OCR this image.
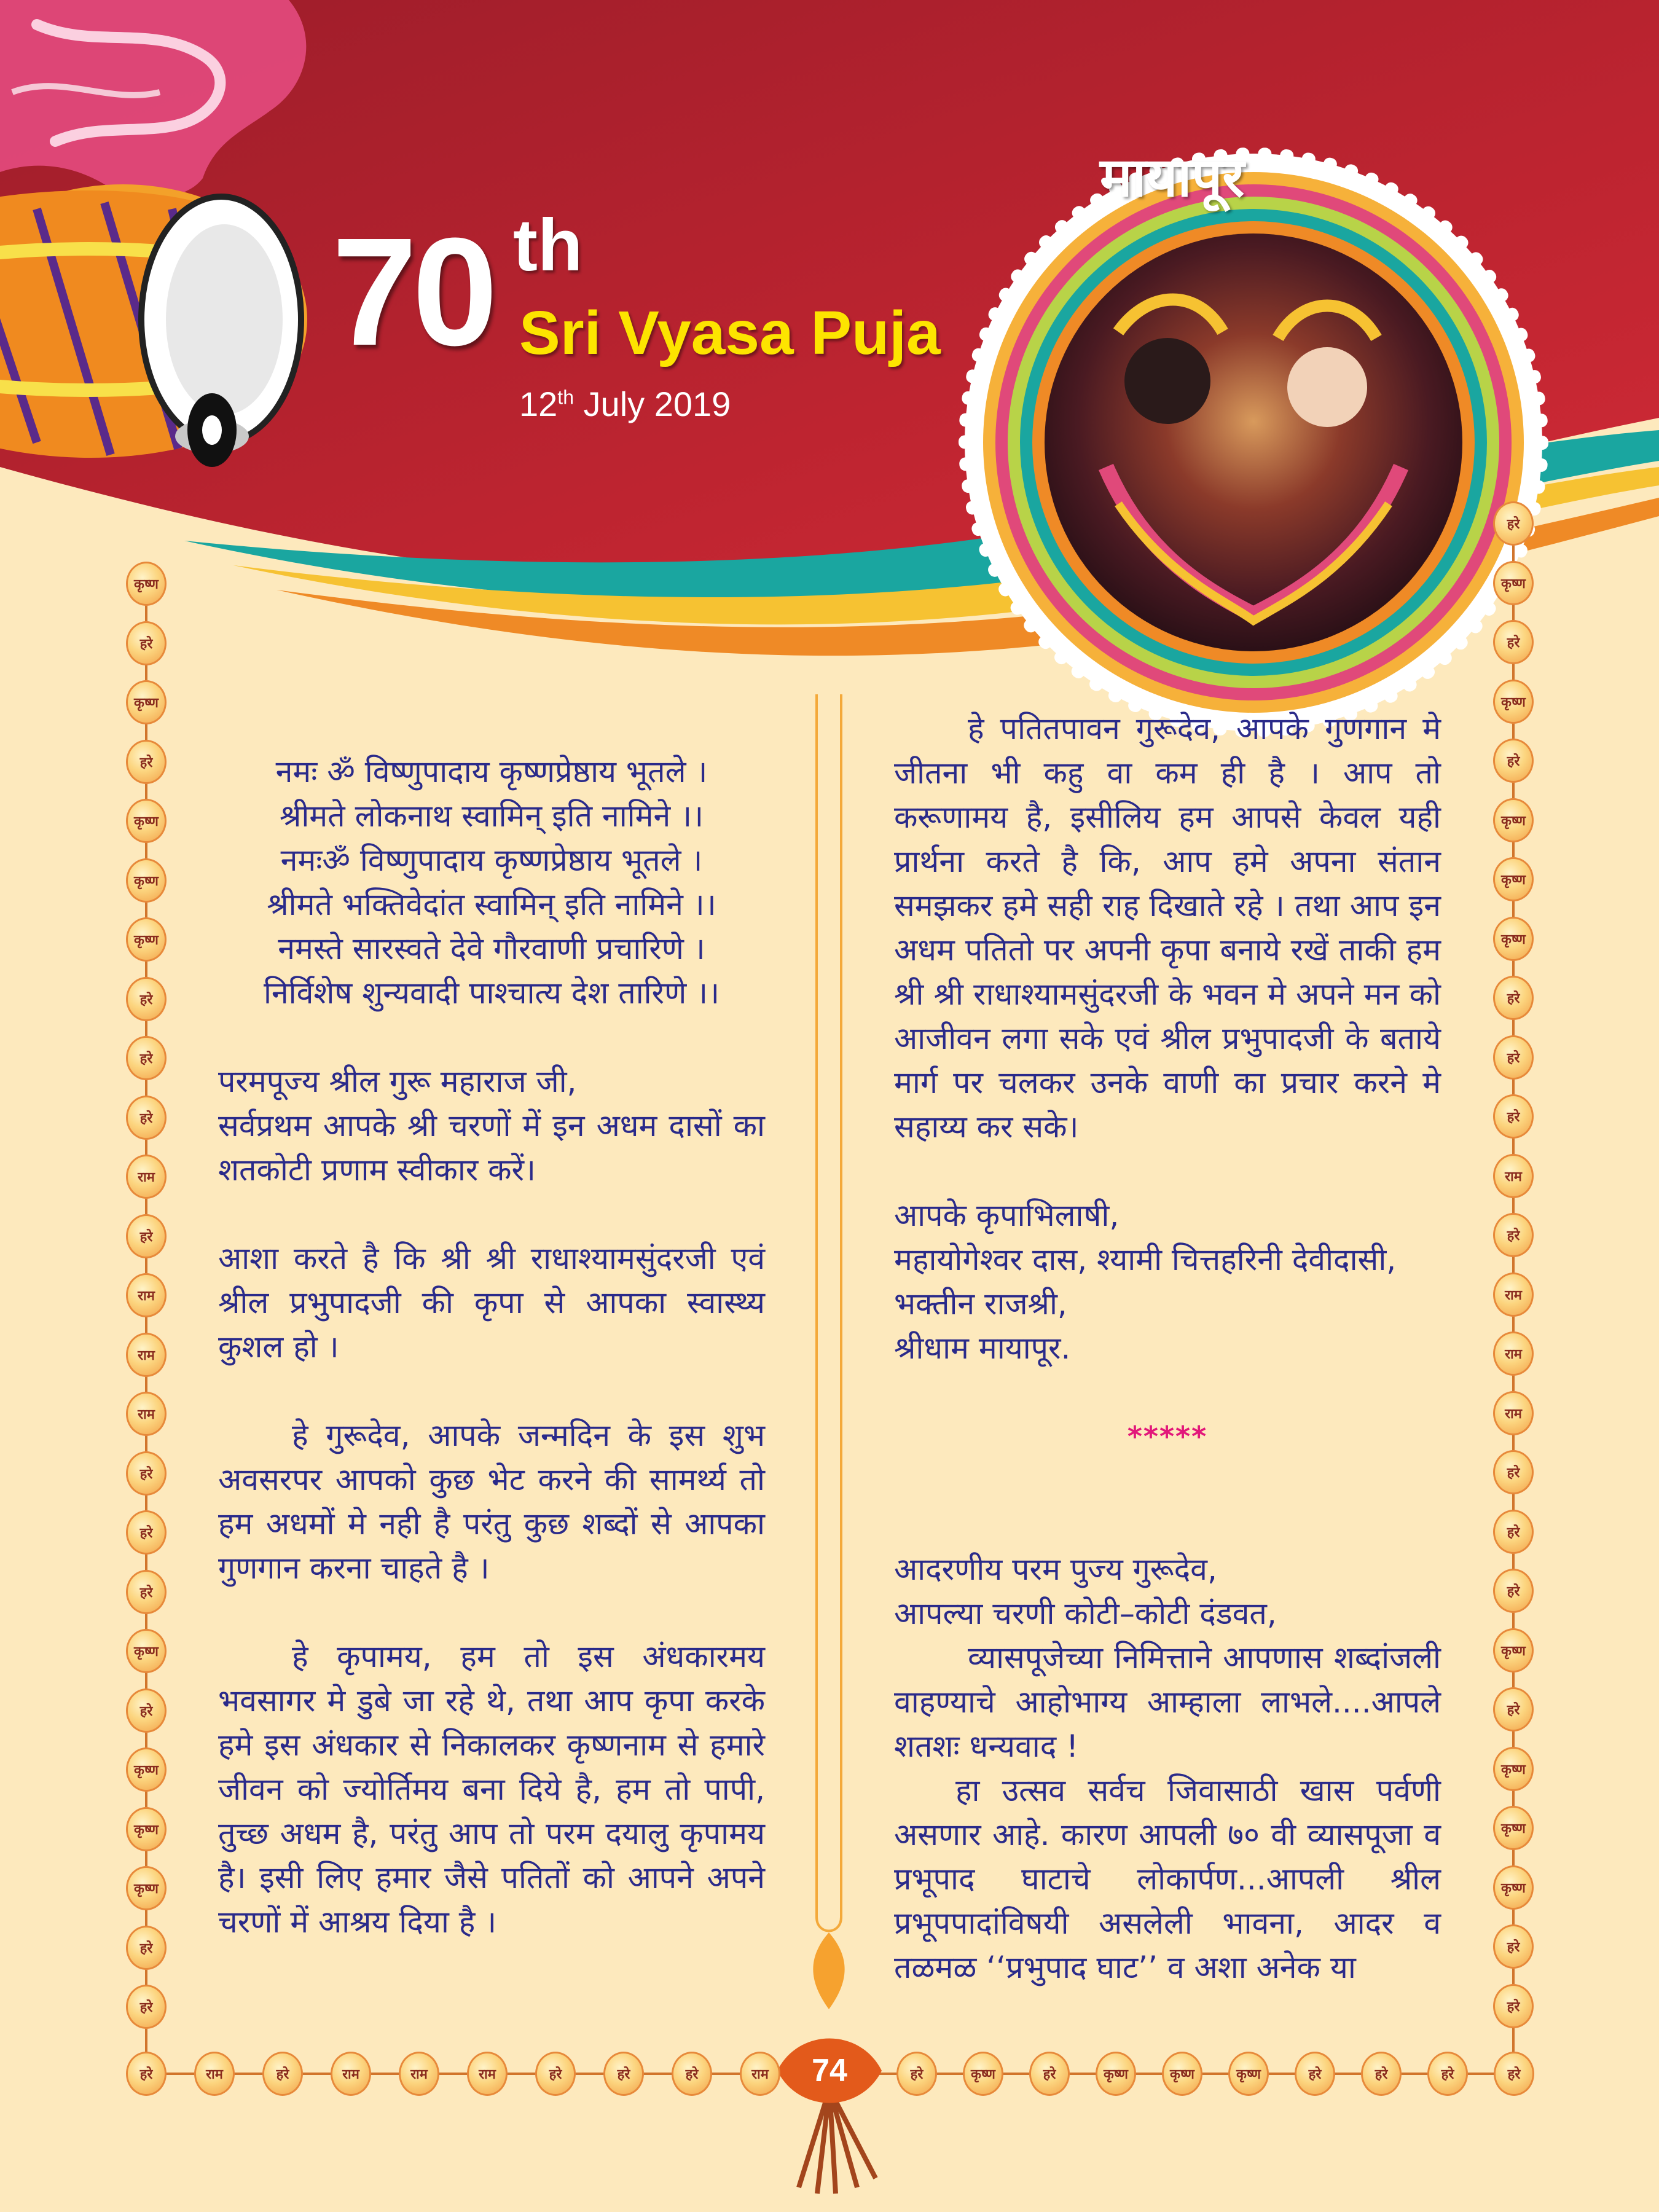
70 th
Sri Vyasa Puja
12th July 2019
मायापूर
कृष्ण
हरे
कृष्ण
हरे
कृष्ण
कृष्ण
कृष्ण
हरे
हरे
हरे
राम
हरे
राम
राम
राम
हरे
हरे
हरे
कृष्ण
हरे
कृष्ण
कृष्ण
कृष्ण
हरे
हरे
हरे
कृष्ण
हरे
कृष्ण
हरे
कृष्ण
कृष्ण
कृष्ण
हरे
हरे
हरे
राम
हरे
राम
राम
राम
हरे
हरे
हरे
कृष्ण
हरे
कृष्ण
कृष्ण
कृष्ण
हरे
हरे
हरे	राम	हरे	राम	राम	राम	हरे	हरे	हरे	राम	हरे	कृष्ण	हरे	कृष्ण	कृष्ण	कृष्ण	हरे	हरे	हरे	हरे
74

नमः ॐ विष्णुपादाय कृष्णप्रेष्ठाय भूतले ।

श्रीमते लोकनाथ स्वामिन् इति नामिने ।।

नमःॐ विष्णुपादाय कृष्णप्रेष्ठाय भूतले ।

श्रीमते भक्तिवेदांत स्वामिन् इति नामिने ।।

नमस्ते सारस्वते देवे गौरवाणी प्रचारिणे ।

निर्विशेष शुन्यवादी पाश्चात्य देश तारिणे ।।

परमपूज्य श्रील गुरू महाराज जी,

सर्वप्रथम आपके श्री चरणों में इन अधम दासों का शतकोटी प्रणाम स्वीकार करें।

आशा करते है कि श्री श्री राधाश्यामसुंदरजी एवं श्रील प्रभुपादजी की कृपा से आपका स्वास्थ्य कुशल हो ।

हे गुरूदेव, आपके जन्मदिन के इस शुभ अवसरपर आपको कुछ भेट करने की सामर्थ्य तो हम अधमों मे नही है परंतु कुछ शब्दों से आपका गुणगान करना चाहते है ।

हे कृपामय, हम तो इस अंधकारमय भवसागर मे डुबे जा रहे थे, तथा आप कृपा करके हमे इस अंधकार से निकालकर कृष्णनाम से हमारे जीवन को ज्योर्तिमय बना दिये है, हम तो पापी, तुच्छ अधम है, परंतु आप तो परम दयालु कृपामय है। इसी लिए हमार जैसे पतितों को आपने अपने चरणों में आश्रय दिया है ।

हे पतितपावन गुरूदेव, आपके गुणगान मे जीतना भी कहु वा कम ही है । आप तो करूणामय है, इसीलिय हम आपसे केवल यही प्रार्थना करते है कि, आप हमे अपना संतान समझकर हमे सही राह दिखाते रहे । तथा आप इन अधम पतितो पर अपनी कृपा बनाये रखें ताकी हम श्री श्री राधाश्यामसुंदरजी के भवन मे अपने मन को आजीवन लगा सके एवं श्रील प्रभुपादजी के बताये मार्ग पर चलकर उनके वाणी का प्रचार करने मे सहाय्य कर सके।

आपके कृपाभिलाषी,

महायोगेश्वर दास, श्यामी चित्तहरिनी देवीदासी,

भक्तीन राजश्री,

श्रीधाम मायापूर.

*****

आदरणीय परम पुज्य गुरूदेव,

आपल्या चरणी कोटी–कोटी दंडवत,

व्यासपूजेच्या निमित्ताने आपणास शब्दांजली वाहण्याचे आहोभाग्य आम्हाला लाभले....आपले शतशः धन्यवाद !

हा उत्सव सर्वच जिवासाठी खास पर्वणी असणार आहे. कारण आपली ७० वी व्यासपूजा व प्रभूपाद घाटाचे लोकार्पण...आपली श्रील प्रभूपपादांविषयी असलेली भावना, आदर व तळमळ ‘‘प्रभुपाद घाट’’ व अशा अनेक या
